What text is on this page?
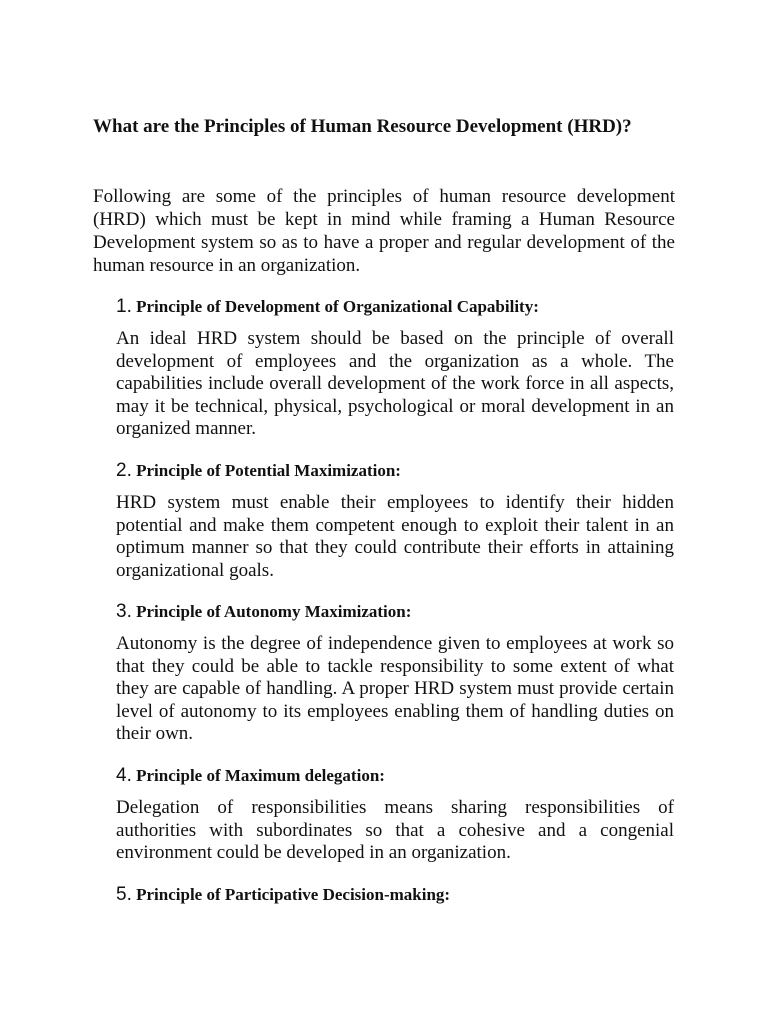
What are the Principles of Human Resource Development (HRD)?

Following are some of the principles of human resource development (HRD) which must be kept in mind while framing a Human Resource Development system so as to have a proper and regular development of the human resource in an organization.

1. Principle of Development of Organizational Capability:

An ideal HRD system should be based on the principle of overall development of employees and the organization as a whole. The capabilities include overall development of the work force in all aspects, may it be technical, physical, psychological or moral development in an organized manner.

2. Principle of Potential Maximization:

HRD system must enable their employees to identify their hidden potential and make them competent enough to exploit their talent in an optimum manner so that they could contribute their efforts in attaining organizational goals.

3. Principle of Autonomy Maximization:

Autonomy is the degree of independence given to employees at work so that they could be able to tackle responsibility to some extent of what they are capable of handling. A proper HRD system must provide certain level of autonomy to its employees enabling them of handling duties on their own.

4. Principle of Maximum delegation:

Delegation of responsibilities means sharing responsibilities of authorities with subordinates so that a cohesive and a congenial environment could be developed in an organization.

5. Principle of Participative Decision-making:
